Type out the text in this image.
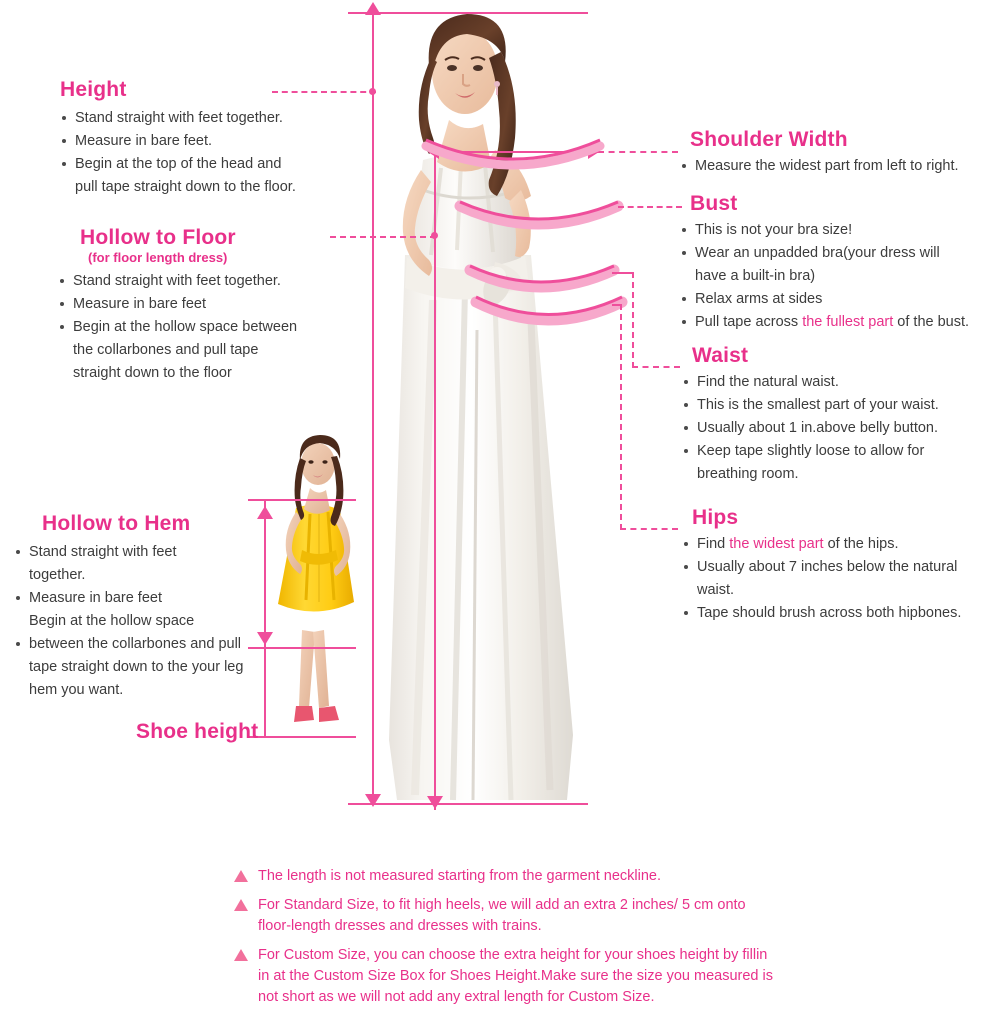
Height
Stand straight with feet together.
Measure in bare feet.
Begin at the top of the head and
pull tape straight down to the floor.
Hollow to Floor
(for floor length dress)
Stand straight with feet together.
Measure in bare feet
Begin at the hollow space between
the collarbones and pull tape
straight down to the floor
Hollow to Hem
Stand straight with feet
together.
Measure in bare feet
Begin at the hollow space
between the collarbones and pull
tape straight down to the your leg
hem you want.
Shoe height
Shoulder Width
Measure the widest part from left to right.
Bust
This is not your bra size!
Wear an unpadded bra(your dress will
have a built-in bra)
Relax arms at sides
Pull tape across the fullest part of the bust.
Waist
Find the natural waist.
This is the smallest part of your waist.
Usually about 1 in.above belly button.
Keep tape slightly loose to allow for
breathing room.
Hips
Find the widest part of the hips.
Usually about 7 inches below the natural
waist.
Tape should brush across both hipbones.
The length is not measured starting from the garment neckline.
For Standard Size, to fit high heels, we will add an extra 2 inches/ 5 cm onto
floor-length dresses and dresses with trains.
For Custom Size, you can choose the extra height for your shoes height by fillin
in at the Custom Size Box for Shoes Height.Make sure the size you measured is
not short as we will not add any extral length for Custom Size.
